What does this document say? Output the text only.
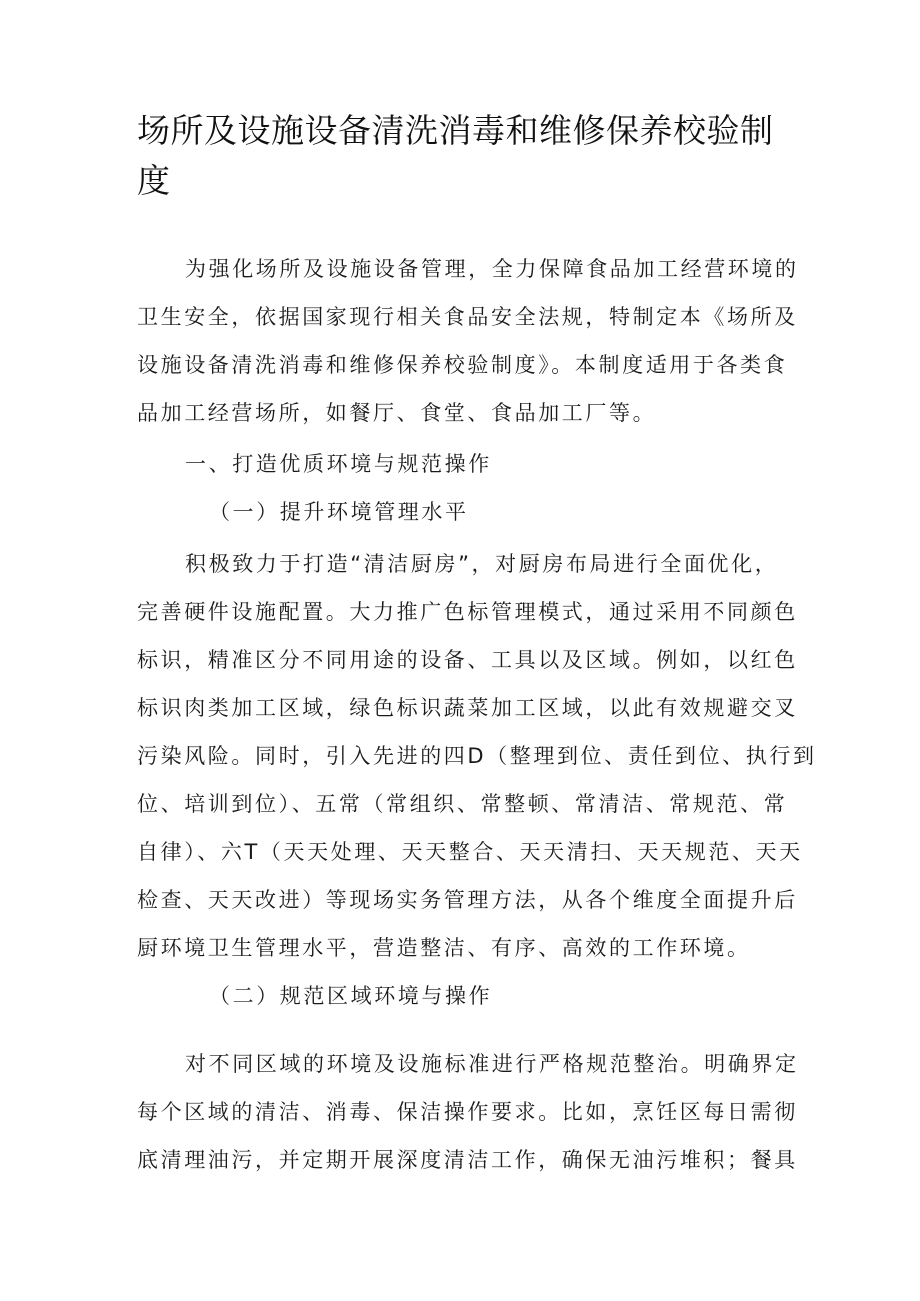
场所及设施设备清洗消毒和维修保养校验制度
为强化场所及设施设备管理，全力保障食品加工经营环境的
卫生安全，依据国家现行相关食品安全法规，特制定本《场所及
设施设备清洗消毒和维修保养校验制度》。本制度适用于各类食
品加工经营场所，如餐厅、食堂、食品加工厂等。
一、打造优质环境与规范操作
（一）提升环境管理水平
积极致力于打造“清洁厨房”，对厨房布局进行全面优化，
完善硬件设施配置。大力推广色标管理模式，通过采用不同颜色
标识，精准区分不同用途的设备、工具以及区域。例如，以红色
标识肉类加工区域，绿色标识蔬菜加工区域，以此有效规避交叉
污染风险。同时，引入先进的四D（整理到位、责任到位、执行到
位、培训到位）、五常（常组织、常整顿、常清洁、常规范、常
自律）、六T（天天处理、天天整合、天天清扫、天天规范、天天
检查、天天改进）等现场实务管理方法，从各个维度全面提升后
厨环境卫生管理水平，营造整洁、有序、高效的工作环境。
（二）规范区域环境与操作
对不同区域的环境及设施标准进行严格规范整治。明确界定
每个区域的清洁、消毒、保洁操作要求。比如，烹饪区每日需彻
底清理油污，并定期开展深度清洁工作，确保无油污堆积；餐具
